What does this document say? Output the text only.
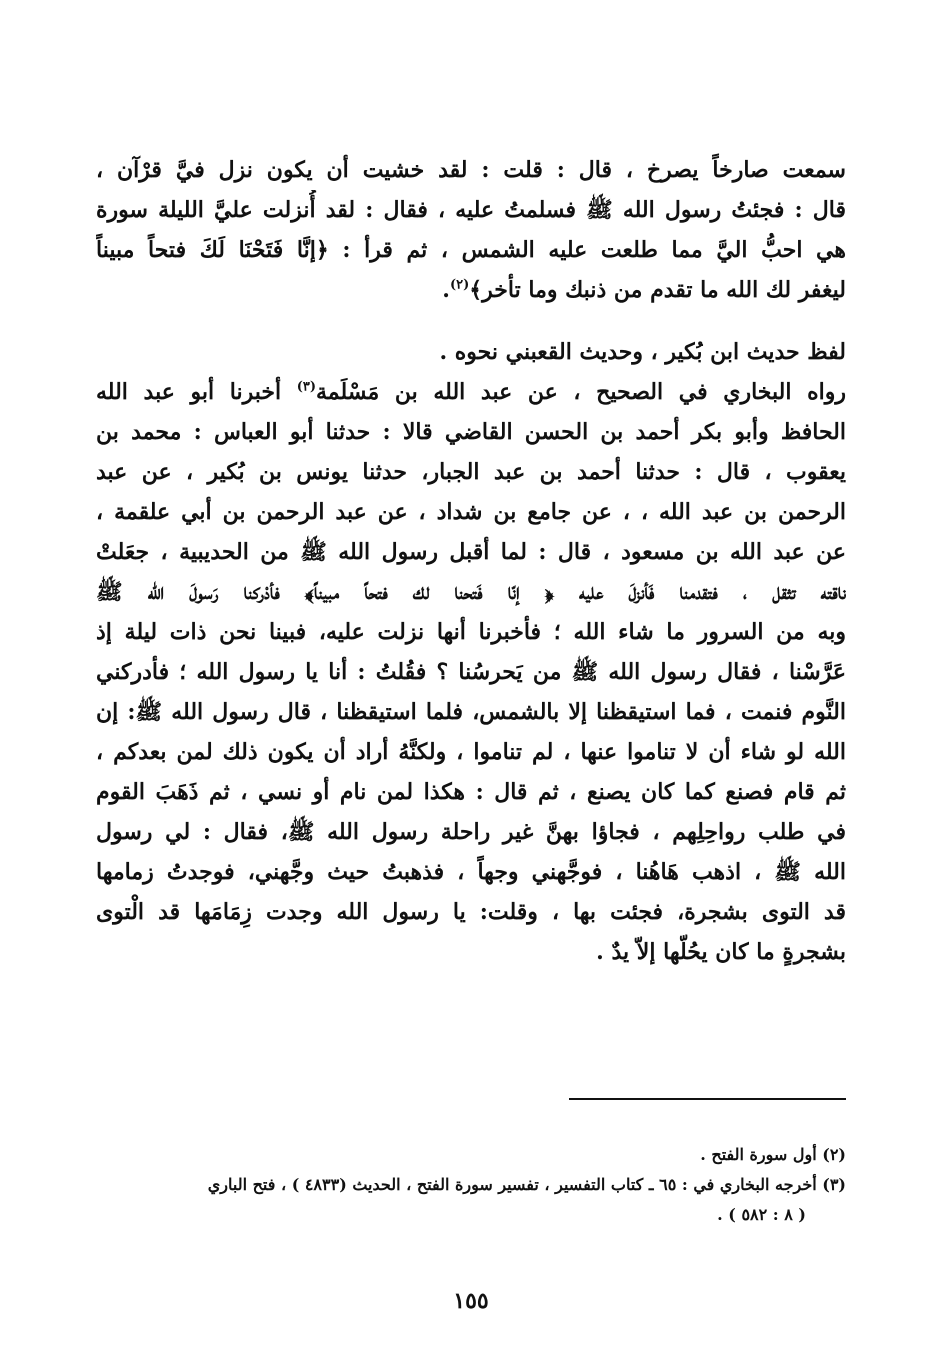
سمعت صارخاً يصرخ ، قال : قلت : لقد خشيت أن يكون نزل فيَّ قرْآن ،
قال : فجئتُ رسول الله ﷺ فسلمتُ عليه ، فقال : لقد أُنزلت عليَّ الليلة سورة
هي احبُّ اليَّ مما طلعت عليه الشمس ، ثم قرأ : ﴿إنَّا فَتَحْنَا لَكَ فتحاً مبيناً
ليغفر لك الله ما تقدم من ذنبك وما تأخر﴾$^{(٢)}$.
لفظ حديث ابن بُكير ، وحديث القعبني نحوه .
رواه البخاري في الصحيح ، عن عبد الله بن مَسْلَمة$^{(٣)}$ أخبرنا أبو عبد الله
الحافظ وأبو بكر أحمد بن الحسن القاضي قالا : حدثنا أبو العباس : محمد بن
يعقوب ، قال : حدثنا أحمد بن عبد الجبار، حدثنا يونس بن بُكير ، عن عبد
الرحمن بن عبد الله ، ، عن جامع بن شداد ، عن عبد الرحمن بن أبي علقمة ،
عن عبد الله بن مسعود ، قال : لما أقبل رسول الله ﷺ من الحديبية ، جعَلتْ
ناقته تثقل ، فتقدمنا فَأنزلَ عليه ﴿ إنّا فَتحنا لك فتحاً مبيناً﴾ فأدْركنا رَسولَ الله ﷺ
وبه من السرور ما شاء الله ؛ فأخبرنا أنها نزلت عليه، فبينا نحن ذات ليلة إذ
عَرَّسْنا ، فقال رسول الله ﷺ من يَحرسُنا ؟ فقُلتُ : أنا يا رسول الله ؛ فأدركني
النَّوم فنمت ، فما استيقظنا إلا بالشمس، فلما استيقظنا ، قال رسول الله ﷺ: إن
الله لو شاء أن لا تناموا عنها ، لم تناموا ، ولكنَّهُ أراد أن يكون ذلك لمن بعدكم ،
ثم قام فصنع كما كان يصنع ، ثم قال : هكذا لمن نام أو نسي ، ثم ذَهَبَ القوم
في طلب رواحِلِهم ، فجاؤا بهنَّ غير راحلة رسول الله ﷺ، فقال : لي رسول
الله ﷺ ، اذهب هَاهُنا ، فوجَّهني وجهاً ، فذهبتُ حيث وجَّهني، فوجدتُ زمامها
قد التوى بشجرة، فجئت بها ، وقلت: يا رسول الله وجدت زِمَامَها قد الْتوى
بشجرةٍ ما كان يحُلّها إلاّ يدٌ .
(٢) أول سورة الفتح .
(٣) أخرجه البخاري في : ٦٥ ـ كتاب التفسير ، تفسير سورة الفتح ، الحديث (٤٨٣٣ ) ، فتح الباري
( ٨ : ٥٨٢ ) .
١٥٥
